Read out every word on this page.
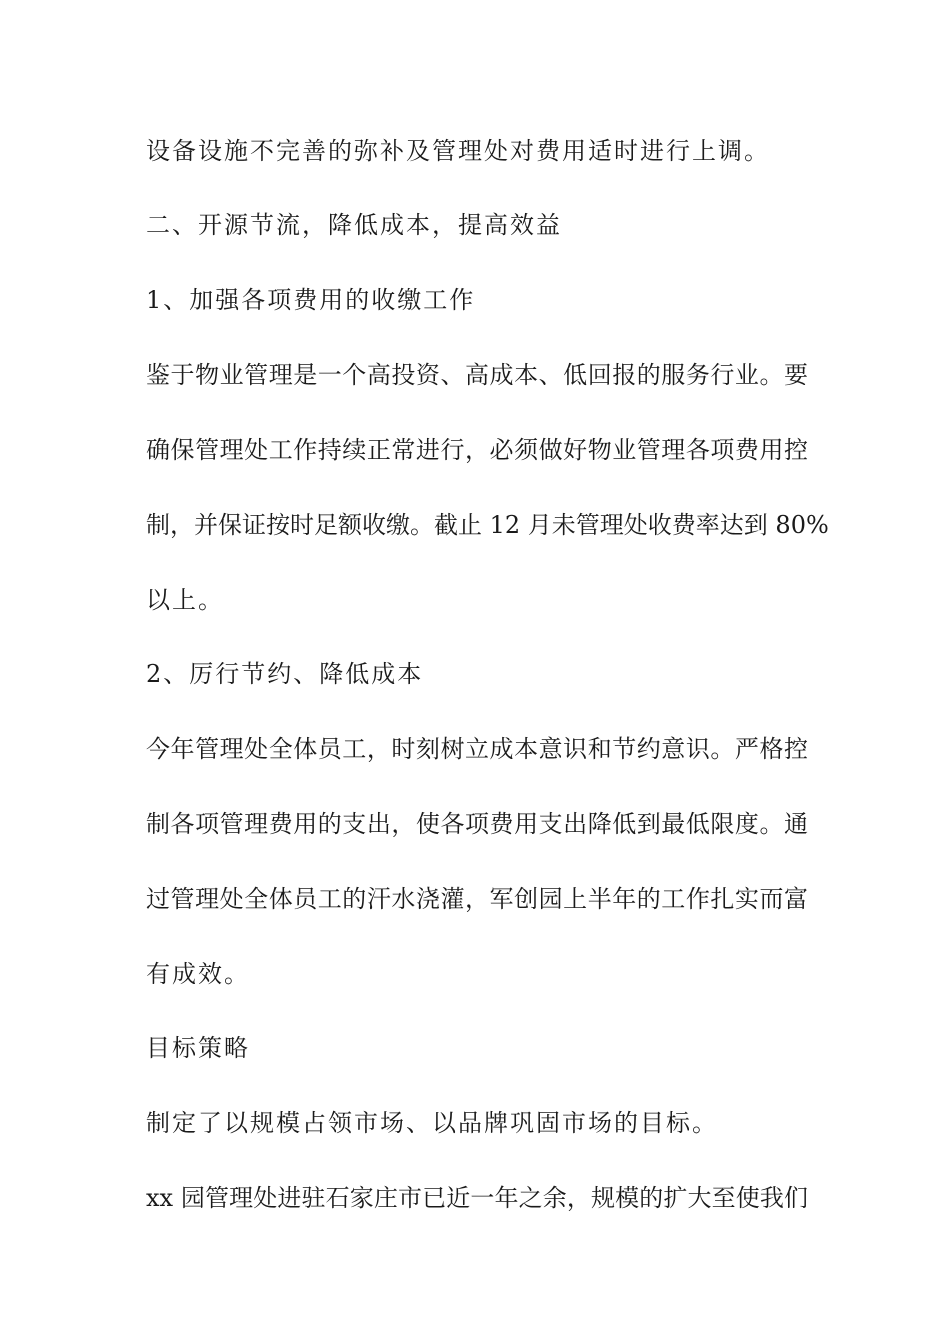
设备设施不完善的弥补及管理处对费用适时进行上调。
二、开源节流，降低成本，提高效益
1、加强各项费用的收缴工作
鉴于物业管理是一个高投资、高成本、低回报的服务行业。要
确保管理处工作持续正常进行，必须做好物业管理各项费用控
制，并保证按时足额收缴。截止 12 月未管理处收费率达到 80%
以上。
2、厉行节约、降低成本
今年管理处全体员工，时刻树立成本意识和节约意识。严格控
制各项管理费用的支出，使各项费用支出降低到最低限度。通
过管理处全体员工的汗水浇灌，军创园上半年的工作扎实而富
有成效。
目标策略
制定了以规模占领市场、以品牌巩固市场的目标。
xx 园管理处进驻石家庄市已近一年之余，规模的扩大至使我们
